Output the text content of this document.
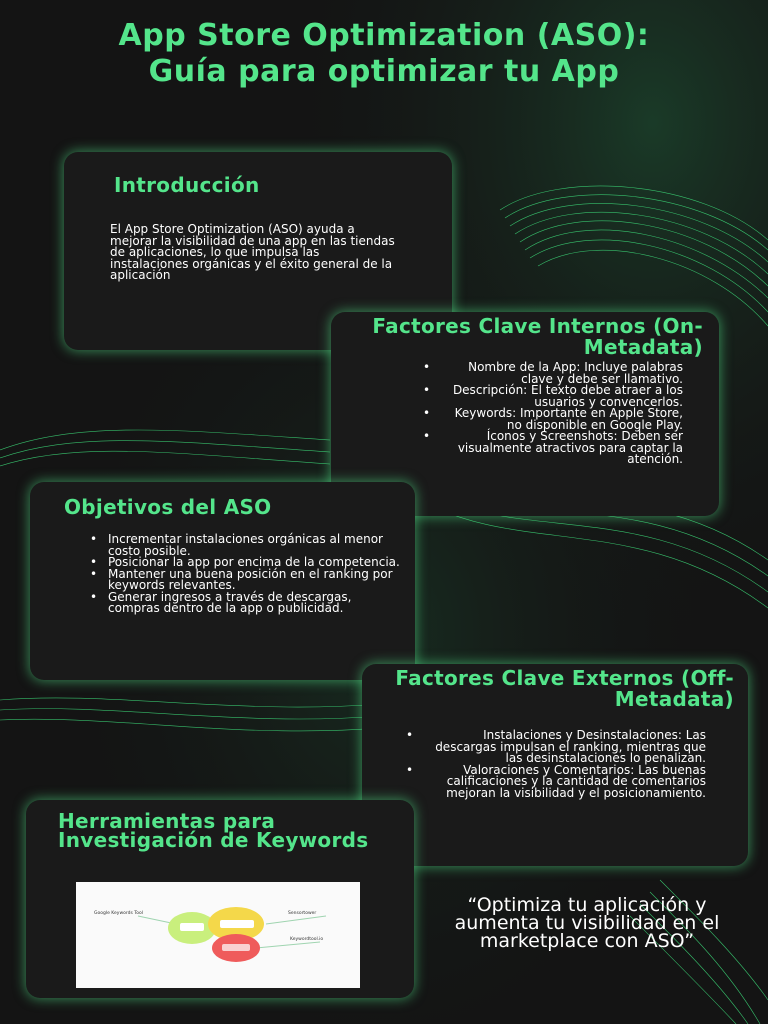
App Store Optimization (ASO): Guía para optimizar tu App
Introducción

El App Store Optimization (ASO) ayuda a mejorar la visibilidad de una app en las tiendas de aplicaciones, lo que impulsa las instalaciones orgánicas y el éxito general de la aplicación

Factores Clave Internos (On-Metadata)
• Nombre de la App: Incluye palabras clave y debe ser llamativo.
• Descripción: El texto debe atraer a los usuarios y convencerlos.
• Keywords: Importante en Apple Store, no disponible en Google Play.
• Íconos y Screenshots: Deben ser visualmente atractivos para captar la atención.
Objetivos del ASO
• Incrementar instalaciones orgánicas al menor costo posible.
• Posicionar la app por encima de la competencia.
• Mantener una buena posición en el ranking por keywords relevantes.
• Generar ingresos a través de descargas, compras dentro de la app o publicidad.
Factores Clave Externos (Off-Metadata)
• Instalaciones y Desinstalaciones: Las descargas impulsan el ranking, mientras que las desinstalaciones lo penalizan.
• Valoraciones y Comentarios: Las buenas calificaciones y la cantidad de comentarios mejoran la visibilidad y el posicionamiento.
Herramientas para Investigación de Keywords
Google Keywords Tool	Sensortower
Keywordtool.io

“Optimiza tu aplicación y aumenta tu visibilidad en el marketplace con ASO”
